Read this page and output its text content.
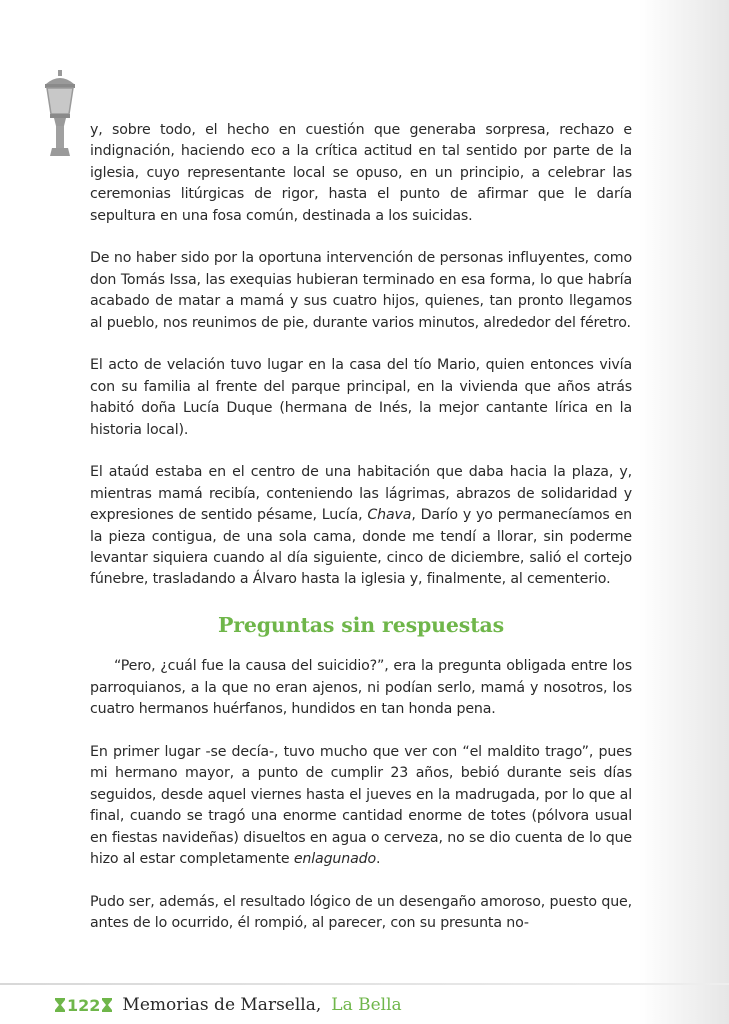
y, sobre todo, el hecho en cuestión que generaba sorpresa, rechazo e indignación, haciendo eco a la crítica actitud en tal sentido por parte de la iglesia, cuyo representante local se opuso, en un principio, a celebrar las ceremonias litúrgicas de rigor, hasta el punto de afirmar que le daría sepultura en una fosa común, destinada a los suicidas.

De no haber sido por la oportuna intervención de personas influyentes, como don Tomás Issa, las exequias hubieran terminado en esa forma, lo que habría acabado de matar a mamá y sus cuatro hijos, quienes, tan pronto llegamos al pueblo, nos reunimos de pie, durante varios minutos, alrededor del féretro.

El acto de velación tuvo lugar en la casa del tío Mario, quien entonces vivía con su familia al frente del parque principal, en la vivienda que años atrás habitó doña Lucía Duque (hermana de Inés, la mejor cantante lírica en la historia local).

El ataúd estaba en el centro de una habitación que daba hacia la plaza, y, mientras mamá recibía, conteniendo las lágrimas, abrazos de solidaridad y expresiones de sentido pésame, Lucía, Chava, Darío y yo permanecíamos en la pieza contigua, de una sola cama, donde me tendí a llorar, sin poderme levantar siquiera cuando al día siguiente, cinco de diciembre, salió el cortejo fúnebre, trasladando a Álvaro hasta la iglesia y, finalmente, al cementerio.

Preguntas sin respuestas

“Pero, ¿cuál fue la causa del suicidio?”, era la pregunta obligada entre los parroquianos, a la que no eran ajenos, ni podían serlo, mamá y nosotros, los cuatro hermanos huérfanos, hundidos en tan honda pena.

En primer lugar -se decía-, tuvo mucho que ver con “el maldito trago”, pues mi hermano mayor, a punto de cumplir 23 años, bebió durante seis días seguidos, desde aquel viernes hasta el jueves en la madrugada, por lo que al final, cuando se tragó una enorme cantidad enorme de totes (pólvora usual en fiestas navideñas) disueltos en agua o cerveza, no se dio cuenta de lo que hizo al estar completamente enlagunado.

Pudo ser, además, el resultado lógico de un desengaño amoroso, puesto que, antes de lo ocurrido, él rompió, al parecer, con su presunta no-

122 Memorias de Marsella, La Bella
